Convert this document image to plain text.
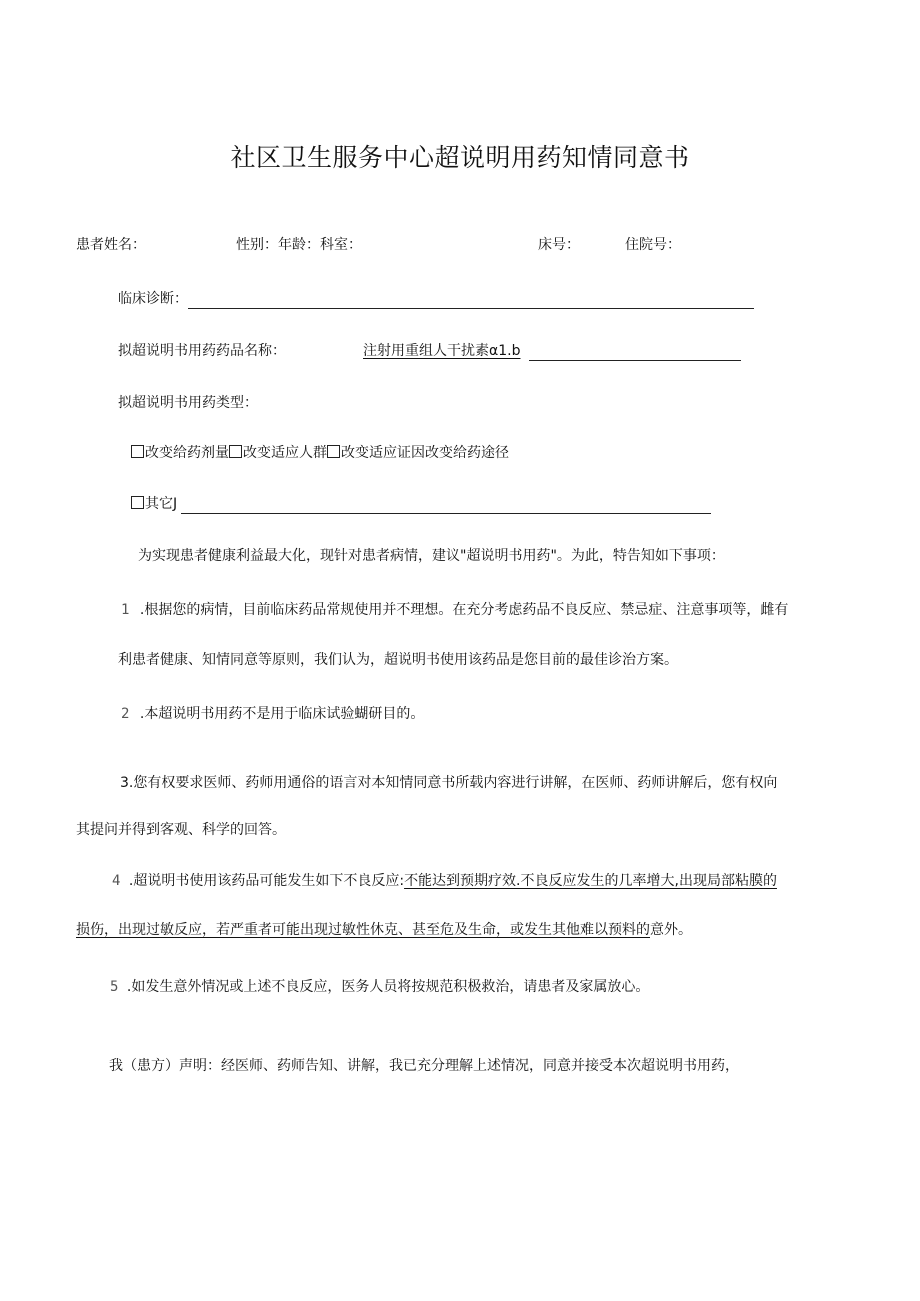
社区卫生服务中心超说明用药知情同意书
患者姓名：	性别：年龄：科室：	床号：	住院号：
临床诊断：
拟超说明书用药药品名称：	注射用重组人干扰素α1.b
拟超说明书用药类型：
改变给药剂量 改变适应人群 改变适应证因改变给药途径
其它J
为实现患者健康利益最大化，现针对患者病情，建议"超说明书用药"。为此，特告知如下事项：
1 .根据您的病情，目前临床药品常规使用并不理想。在充分考虑药品不良反应、禁忌症、注意事项等，雌有
利患者健康、知情同意等原则，我们认为，超说明书使用该药品是您目前的最佳诊治方案。
2 .本超说明书用药不是用于临床试验蝴研目的。
3.您有权要求医师、药师用通俗的语言对本知情同意书所载内容进行讲解，在医师、药师讲解后，您有权向
其提问并得到客观、科学的回答。
4 .超说明书使用该药品可能发生如下不良反应:不能达到预期疗效.不良反应发生的几率增大,出现局部粘膜的
损伤，出现过敏反应，若严重者可能出现过敏性休克、甚至危及生命，或发生其他难以预料的意外。
5 .如发生意外情况或上述不良反应，医务人员将按规范积极救治，请患者及家属放心。
我（患方）声明：经医师、药师告知、讲解，我已充分理解上述情况，同意并接受本次超说明书用药，
